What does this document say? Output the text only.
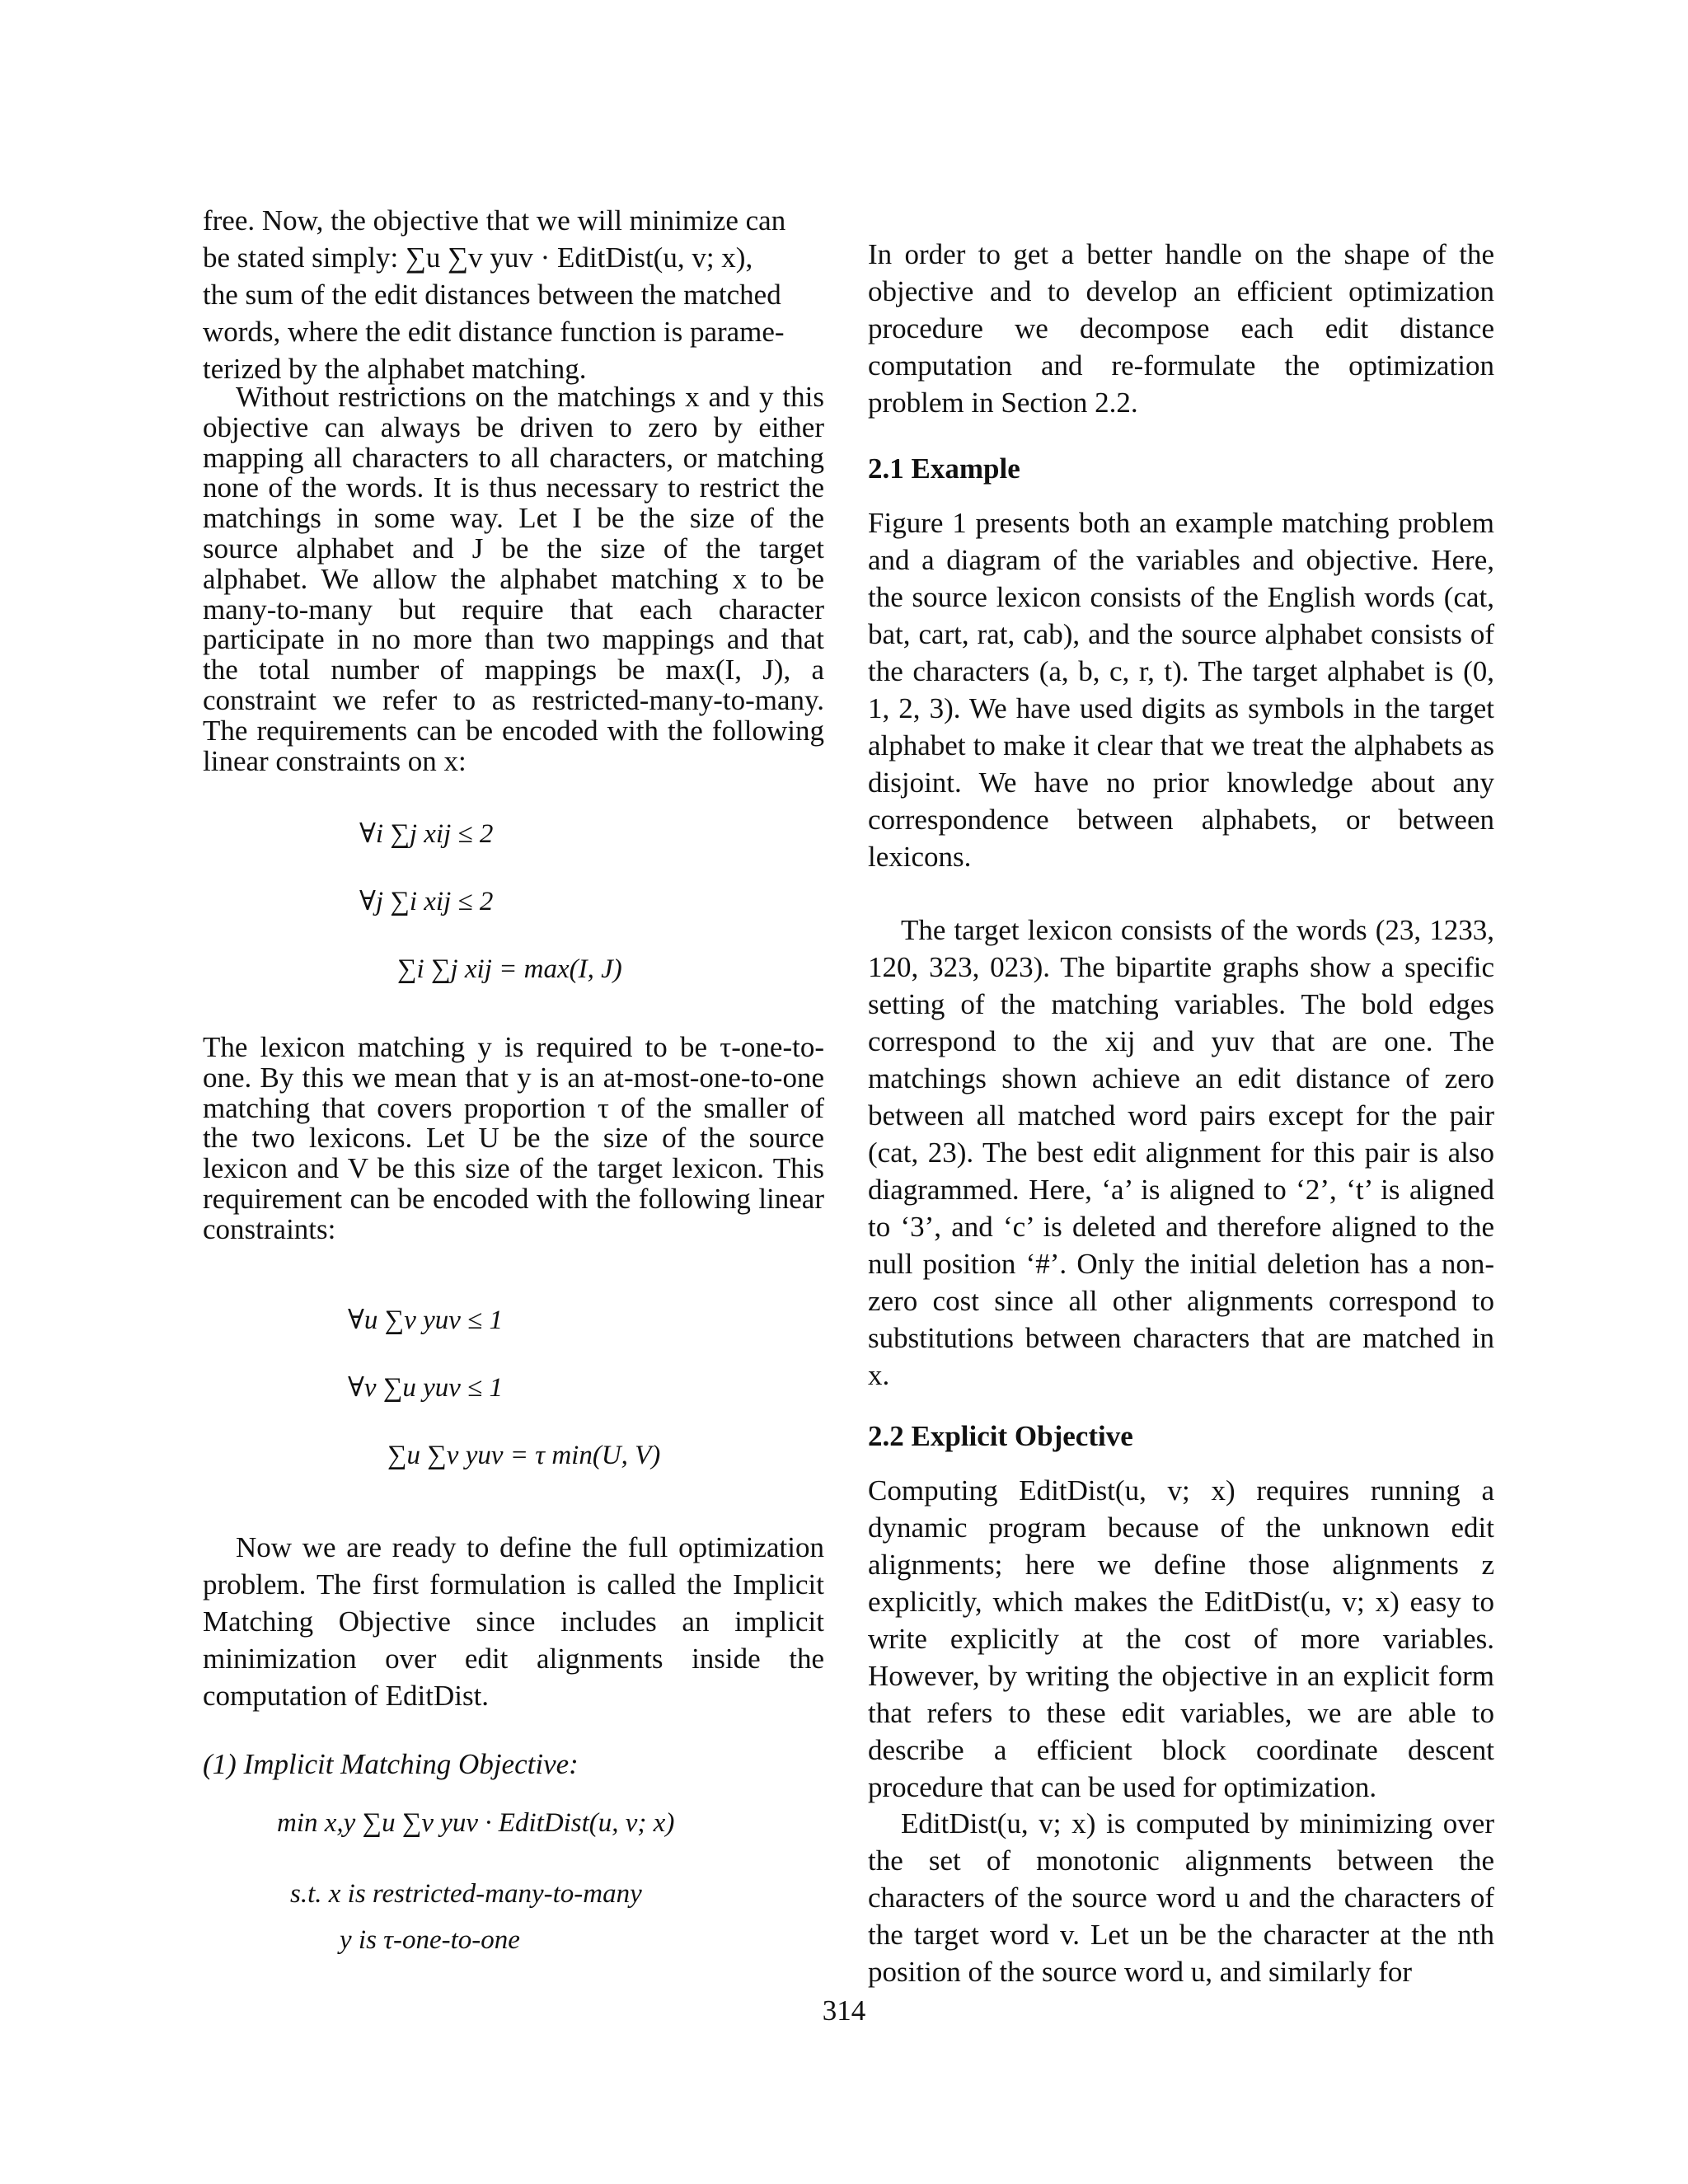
free. Now, the objective that we will minimize can
be stated simply: ∑u ∑v yuv · EditDist(u, v; x),
the sum of the edit distances between the matched
words, where the edit distance function is parame-
terized by the alphabet matching.
Without restrictions on the matchings x and y this objective can always be driven to zero by either mapping all characters to all characters, or matching none of the words. It is thus necessary to restrict the matchings in some way. Let I be the size of the source alphabet and J be the size of the target alphabet. We allow the alphabet matching x to be many-to-many but require that each character participate in no more than two mappings and that the total number of mappings be max(I, J), a constraint we refer to as restricted-many-to-many. The requirements can be encoded with the following linear constraints on x:
∀i ∑j xij ≤ 2
∀j ∑i xij ≤ 2
∑i ∑j xij = max(I, J)
The lexicon matching y is required to be τ-one-to-one. By this we mean that y is an at-most-one-to-one matching that covers proportion τ of the smaller of the two lexicons. Let U be the size of the source lexicon and V be this size of the target lexicon. This requirement can be encoded with the following linear constraints:
∀u ∑v yuv ≤ 1
∀v ∑u yuv ≤ 1
∑u ∑v yuv = τ min(U, V)
Now we are ready to define the full optimization problem. The first formulation is called the Implicit Matching Objective since includes an implicit minimization over edit alignments inside the computation of EditDist.
(1) Implicit Matching Objective:
min x,y ∑u ∑v yuv · EditDist(u, v; x)
s.t. x is restricted-many-to-many
y is τ-one-to-one
In order to get a better handle on the shape of the objective and to develop an efficient optimization procedure we decompose each edit distance computation and re-formulate the optimization problem in Section 2.2.
2.1 Example
Figure 1 presents both an example matching problem and a diagram of the variables and objective. Here, the source lexicon consists of the English words (cat, bat, cart, rat, cab), and the source alphabet consists of the characters (a, b, c, r, t). The target alphabet is (0, 1, 2, 3). We have used digits as symbols in the target alphabet to make it clear that we treat the alphabets as disjoint. We have no prior knowledge about any correspondence between alphabets, or between lexicons.
The target lexicon consists of the words (23, 1233, 120, 323, 023). The bipartite graphs show a specific setting of the matching variables. The bold edges correspond to the xij and yuv that are one. The matchings shown achieve an edit distance of zero between all matched word pairs except for the pair (cat, 23). The best edit alignment for this pair is also diagrammed. Here, ‘a’ is aligned to ‘2’, ‘t’ is aligned to ‘3’, and ‘c’ is deleted and therefore aligned to the null position ‘#’. Only the initial deletion has a non-zero cost since all other alignments correspond to substitutions between characters that are matched in x.
2.2 Explicit Objective
Computing EditDist(u, v; x) requires running a dynamic program because of the unknown edit alignments; here we define those alignments z explicitly, which makes the EditDist(u, v; x) easy to write explicitly at the cost of more variables. However, by writing the objective in an explicit form that refers to these edit variables, we are able to describe a efficient block coordinate descent procedure that can be used for optimization.
EditDist(u, v; x) is computed by minimizing over the set of monotonic alignments between the characters of the source word u and the characters of the target word v. Let un be the character at the nth position of the source word u, and similarly for
314
